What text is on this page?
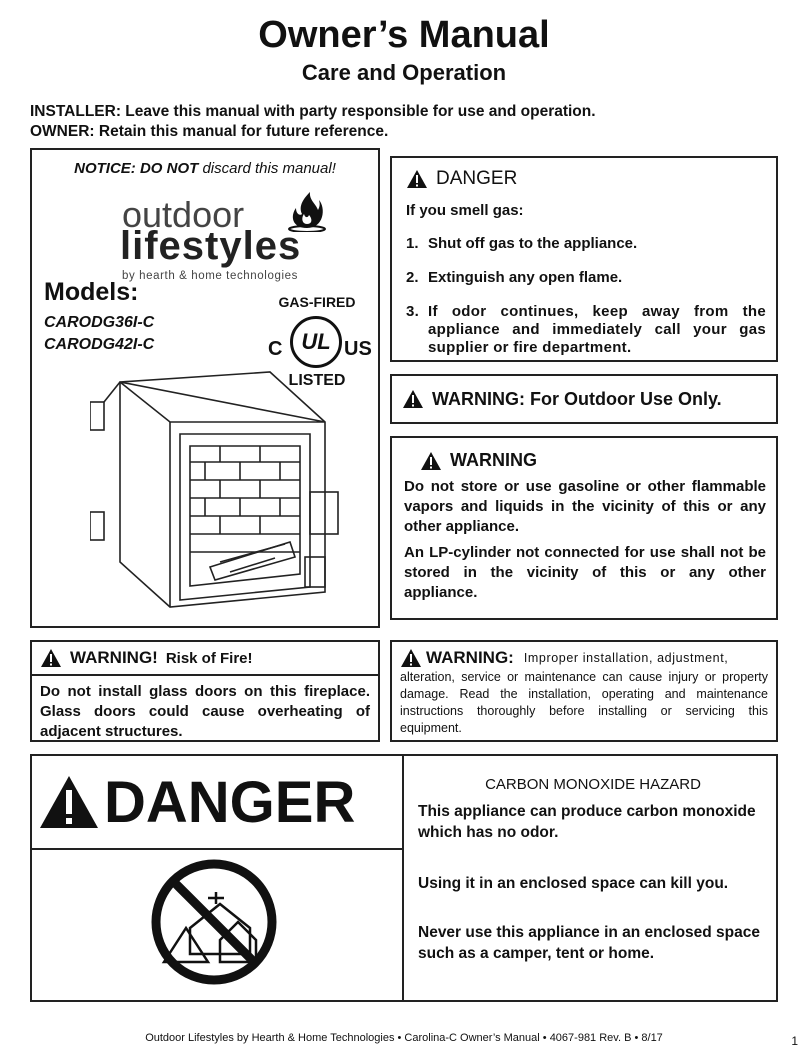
Owner’s Manual
Care and Operation
INSTALLER: Leave this manual with party responsible for use and operation.
OWNER: Retain this manual for future reference.
NOTICE: DO NOT discard this manual!
outdoor
lifestyles
by hearth & home technologies
Models:
CARODG36I-C
CARODG42I-C
GAS-FIRED
C UL US
LISTED
DANGER
If you smell gas:
1. Shut off gas to the appliance.
2. Extinguish any open flame.
3. If odor continues, keep away from the appliance and immediately call your gas supplier or fire department.
WARNING: For Outdoor Use Only.
WARNING
Do not store or use gasoline or other flammable vapors and liquids in the vicinity of this or any other appliance.
An LP-cylinder not connected for use shall not be stored in the vicinity of this or any other appliance.
WARNING! Risk of Fire!
Do not install glass doors on this fireplace. Glass doors could cause overheating of adjacent structures.
WARNING: Improper installation, adjustment,
alteration, service or maintenance can cause injury or property damage. Read the installation, operating and maintenance instructions thoroughly before installing or servicing this equipment.
DANGER	CARBON MONOXIDE HAZARD
This appliance can produce carbon monoxide which has no odor.
Using it in an enclosed space can kill you.
Never use this appliance in an enclosed space such as a camper, tent or home.
Outdoor Lifestyles by Hearth & Home Technologies • Carolina-C Owner’s Manual • 4067-981 Rev. B • 8/17	1
